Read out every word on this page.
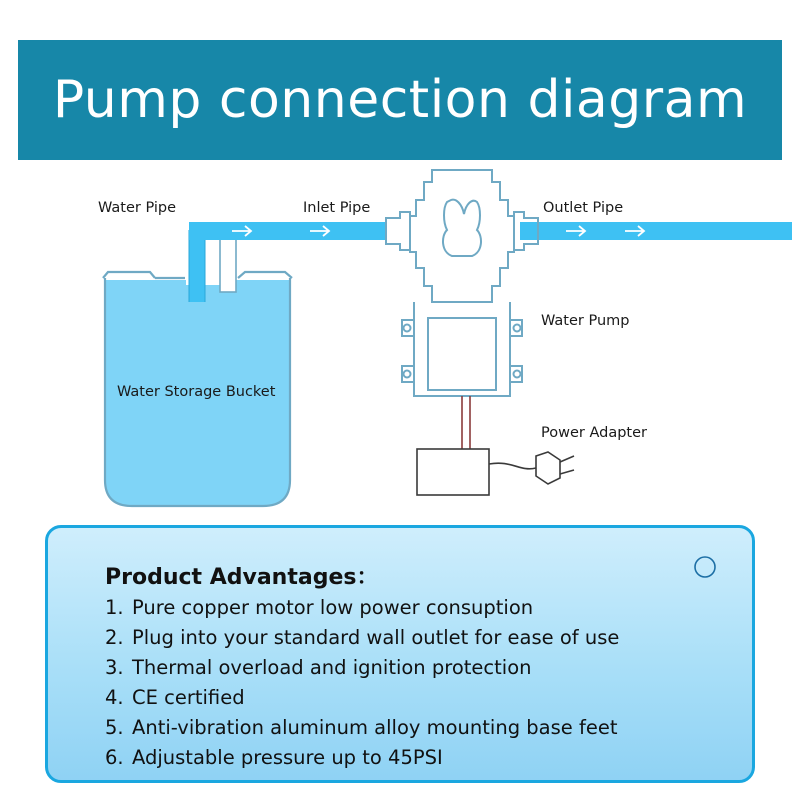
Pump connection diagram
Water Pipe	Inlet Pipe	Outlet Pipe
Water Pump
Power Adapter
Water Storage Bucket
Product Advantages：
1. Pure copper motor low power consuption
2. Plug into your standard wall outlet for ease of use
3. Thermal overload and ignition protection
4. CE certified
5. Anti-vibration aluminum alloy mounting base feet
6. Adjustable pressure up to 45PSI
